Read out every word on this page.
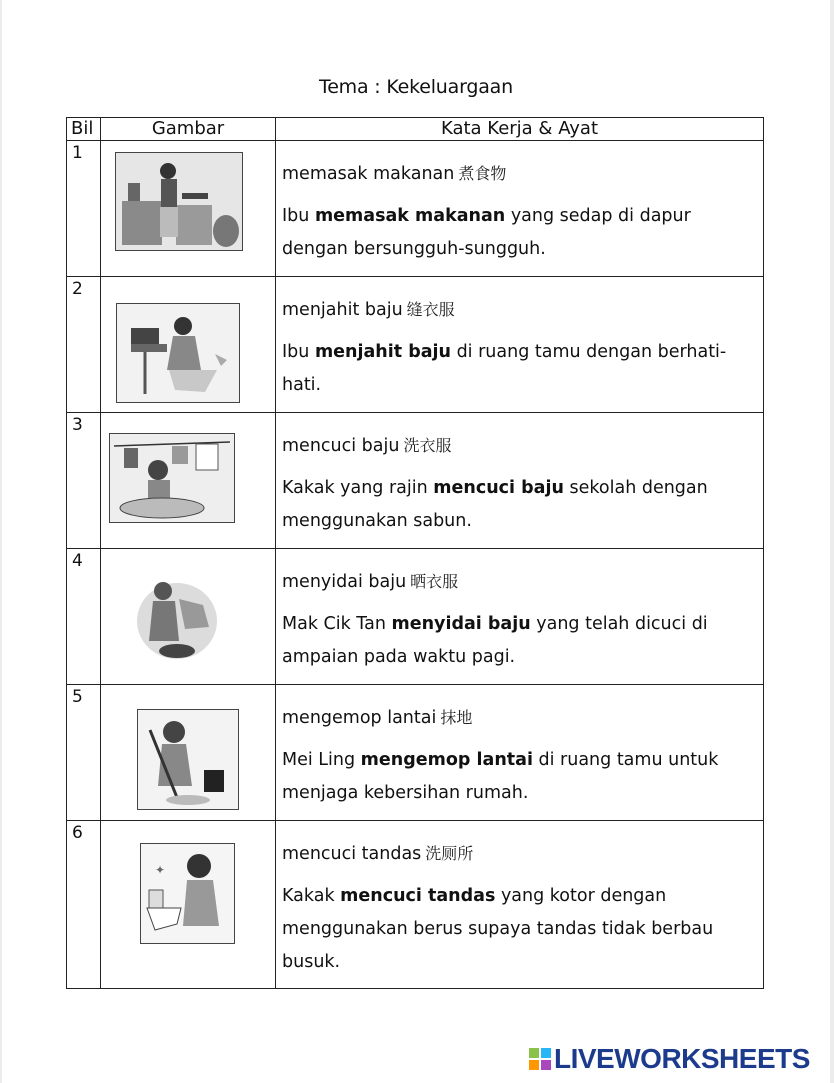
Tema : Kekeluargaan
Bil	Gambar	Kata Kerja & Ayat

1		memasak makanan 煮食物
Ibu memasak makanan yang sedap di dapur dengan bersungguh-sungguh.

2		menjahit baju 缝衣服
Ibu menjahit baju di ruang tamu dengan berhati-hati.

3		mencuci baju 洗衣服
Kakak yang rajin mencuci baju sekolah dengan menggunakan sabun.

4		menyidai baju 晒衣服
Mak Cik Tan menyidai baju yang telah dicuci di ampaian pada waktu pagi.

5		mengemop lantai 抹地
Mei Ling mengemop lantai di ruang tamu untuk menjaga kebersihan rumah.

6	✦	mencuci tandas 洗厕所
Kakak mencuci tandas yang kotor dengan menggunakan berus supaya tandas tidak berbau busuk.
LIVEWORKSHEETS
